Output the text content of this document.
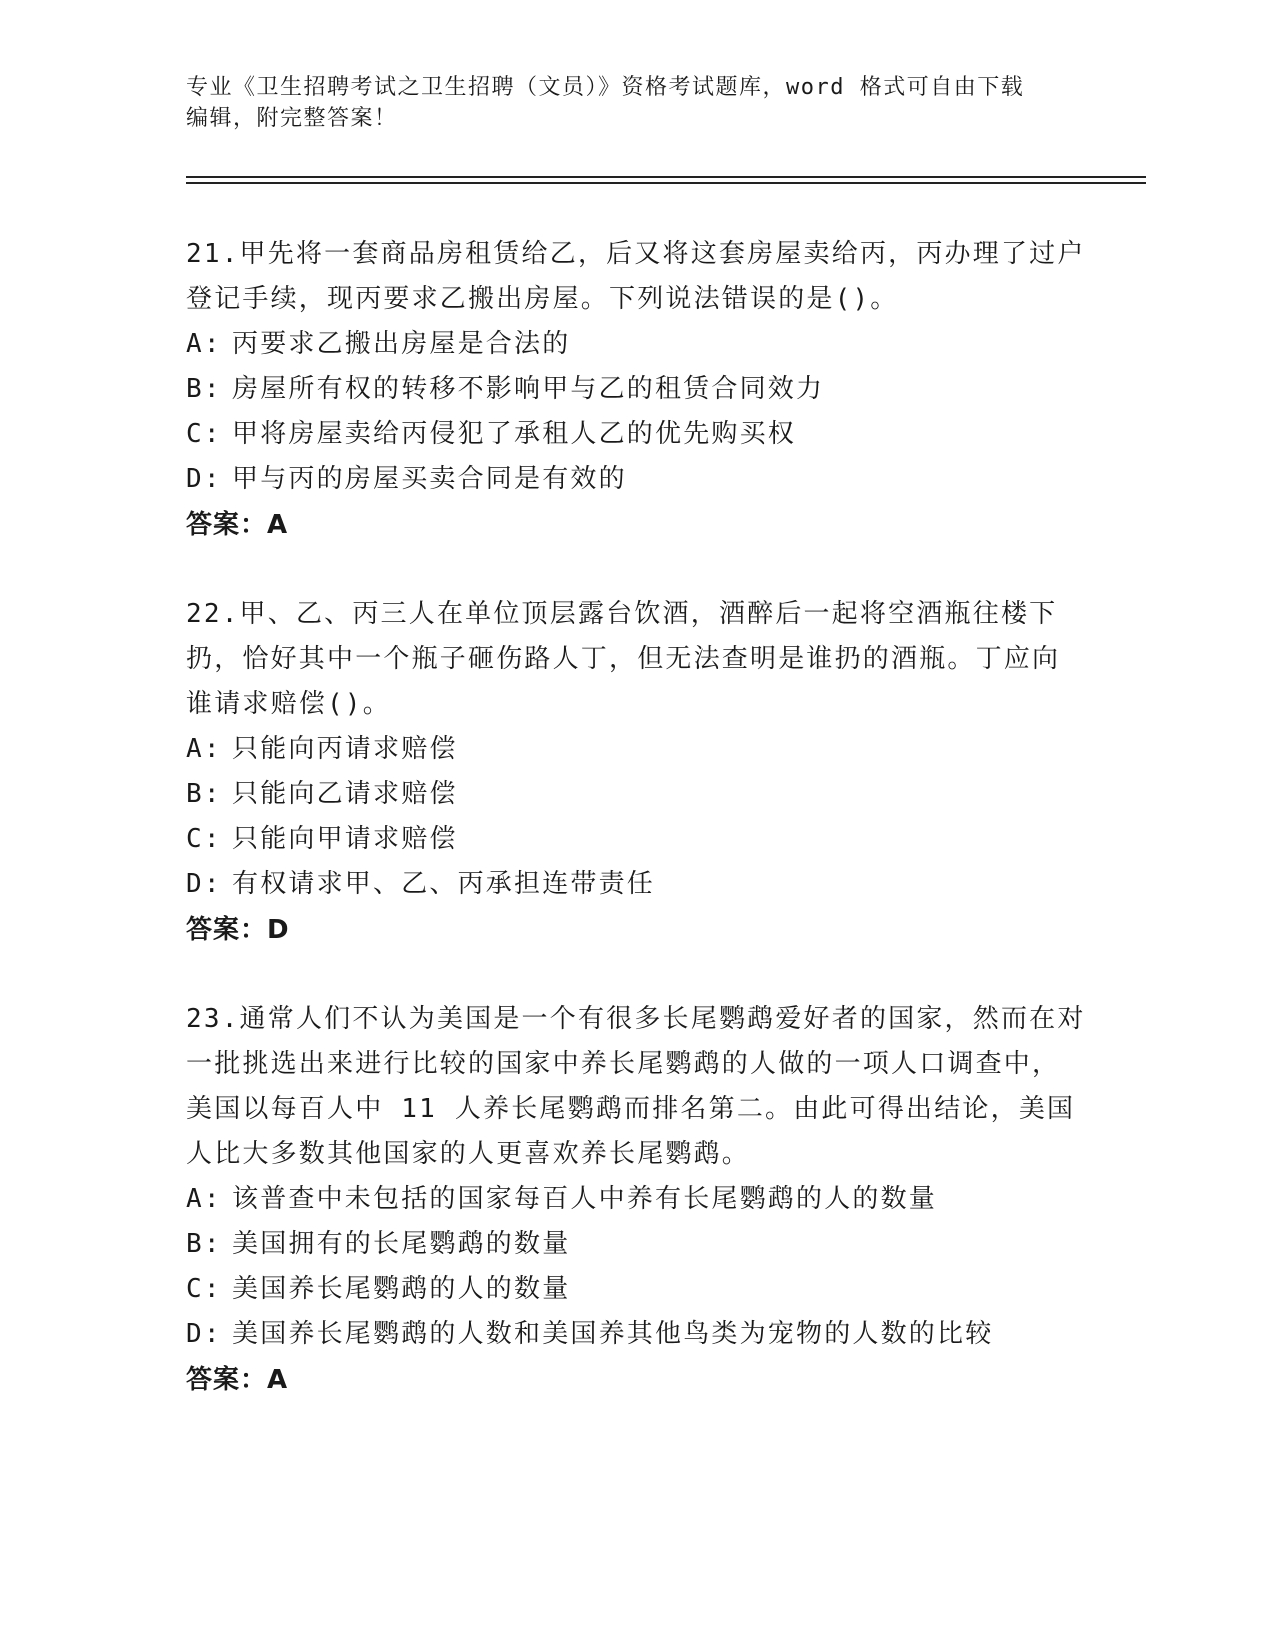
专业《卫生招聘考试之卫生招聘（文员）》资格考试题库，word 格式可自由下载
编辑，附完整答案！
21.甲先将一套商品房租赁给乙，后又将这套房屋卖给丙，丙办理了过户登记手续，现丙要求乙搬出房屋。下列说法错误的是()。
A: 丙要求乙搬出房屋是合法的
B: 房屋所有权的转移不影响甲与乙的租赁合同效力
C: 甲将房屋卖给丙侵犯了承租人乙的优先购买权
D: 甲与丙的房屋买卖合同是有效的
答案：A
22.甲、乙、丙三人在单位顶层露台饮酒，酒醉后一起将空酒瓶往楼下扔，恰好其中一个瓶子砸伤路人丁，但无法查明是谁扔的酒瓶。丁应向谁请求赔偿()。
A: 只能向丙请求赔偿
B: 只能向乙请求赔偿
C: 只能向甲请求赔偿
D: 有权请求甲、乙、丙承担连带责任
答案：D
23.通常人们不认为美国是一个有很多长尾鹦鹉爱好者的国家，然而在对一批挑选出来进行比较的国家中养长尾鹦鹉的人做的一项人口调查中，美国以每百人中 11 人养长尾鹦鹉而排名第二。由此可得出结论，美国人比大多数其他国家的人更喜欢养长尾鹦鹉。
A: 该普查中未包括的国家每百人中养有长尾鹦鹉的人的数量
B: 美国拥有的长尾鹦鹉的数量
C: 美国养长尾鹦鹉的人的数量
D: 美国养长尾鹦鹉的人数和美国养其他鸟类为宠物的人数的比较
答案：A
